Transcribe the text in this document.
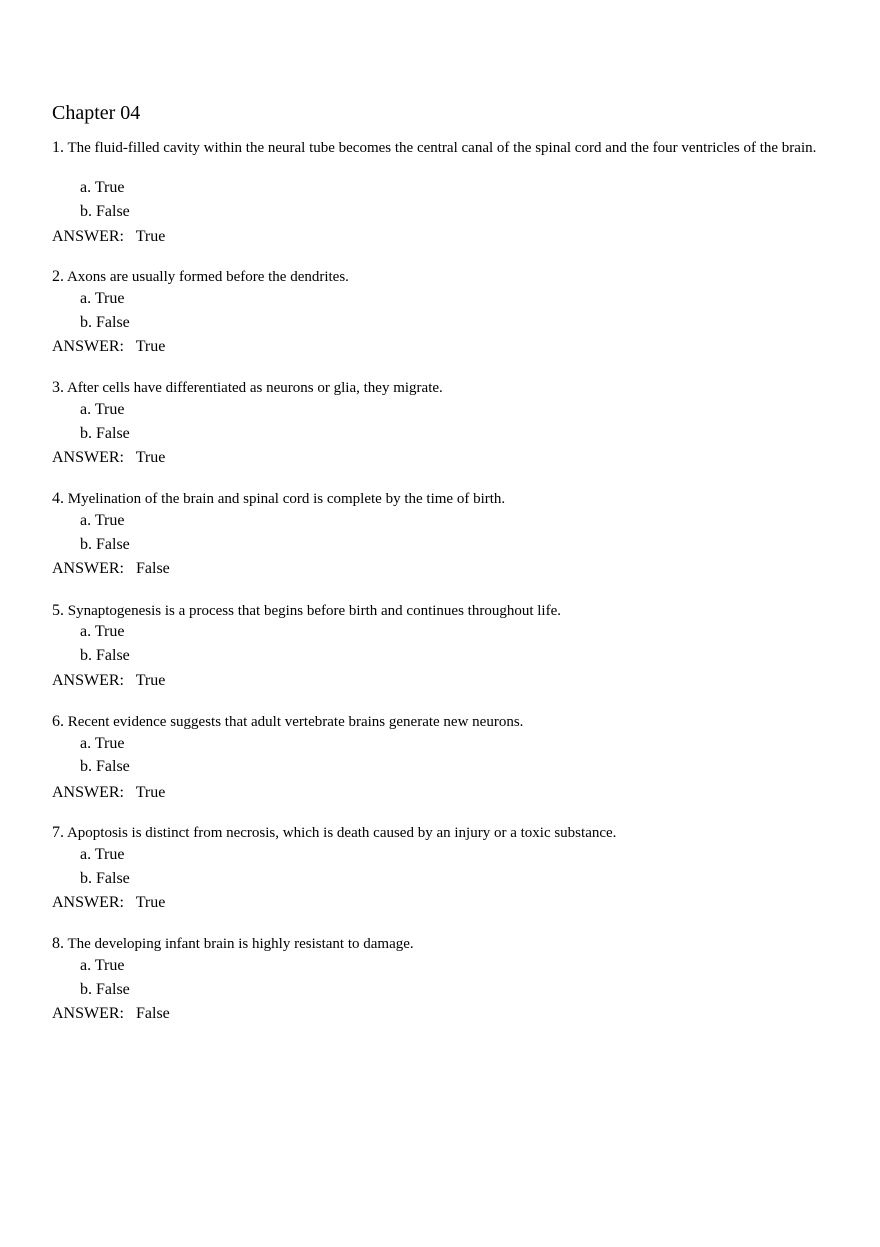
Chapter 04

1. The fluid-filled cavity within the neural tube becomes the central canal of the spinal cord and the four ventricles of the brain.

a. True
b. False
ANSWER: True

2. Axons are usually formed before the dendrites.

a. True
b. False
ANSWER: True

3. After cells have differentiated as neurons or glia, they migrate.

a. True
b. False
ANSWER: True

4. Myelination of the brain and spinal cord is complete by the time of birth.

a. True
b. False
ANSWER: False

5. Synaptogenesis is a process that begins before birth and continues throughout life.

a. True
b. False
ANSWER: True

6. Recent evidence suggests that adult vertebrate brains generate new neurons.

a. True
b. False
ANSWER: True

7. Apoptosis is distinct from necrosis, which is death caused by an injury or a toxic substance.

a. True
b. False
ANSWER: True

8. The developing infant brain is highly resistant to damage.

a. True
b. False
ANSWER: False
